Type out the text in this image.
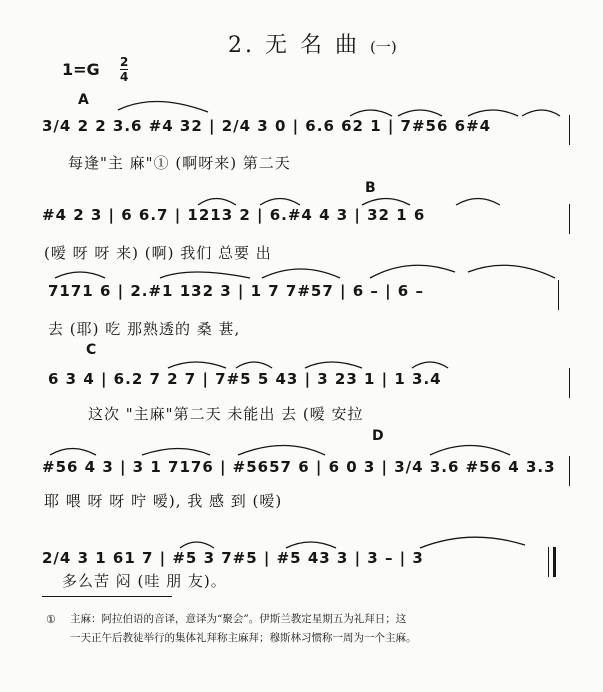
2. 无 名 曲 (一)
1=G 2
4
A
3/4 2 2 3.6 #4 32 | 2/4 3 0 | 6.6 62 1 | 7#56 6#4
每逢"主 麻"① (啊呀来) 第二天
B
#4 2 3 | 6 6.7 | 1213 2 | 6.#4 4 3 | 32 1 6
(嗳 呀 呀 来) (啊) 我们 总要 出
7171 6 | 2.#1 132 3 | 1 7 7#57 | 6 – | 6 –
去 (耶) 吃 那熟透的 桑 葚,
C
6 3 4 | 6.2 7 2 7 | 7#5 5 43 | 3 23 1 | 1 3.4
这次 "主麻"第二天 未能出 去 (嗳 安拉
D
#56 4 3 | 3 1 7176 | #5657 6 | 6 0 3 | 3/4 3.6 #56 4 3.3
耶 喂 呀 呀 咛 嗳), 我 感 到 (嗳)
2/4 3 1 61 7 | #5 3 7#5 | #5 43 3 | 3 – | 3
多么苦 闷 (哇 朋 友)。
① 主麻：阿拉伯语的音译，意译为“聚会”。伊斯兰教定星期五为礼拜日；这
一天正午后教徒举行的集体礼拜称主麻拜；穆斯林习惯称一周为一个主麻。
